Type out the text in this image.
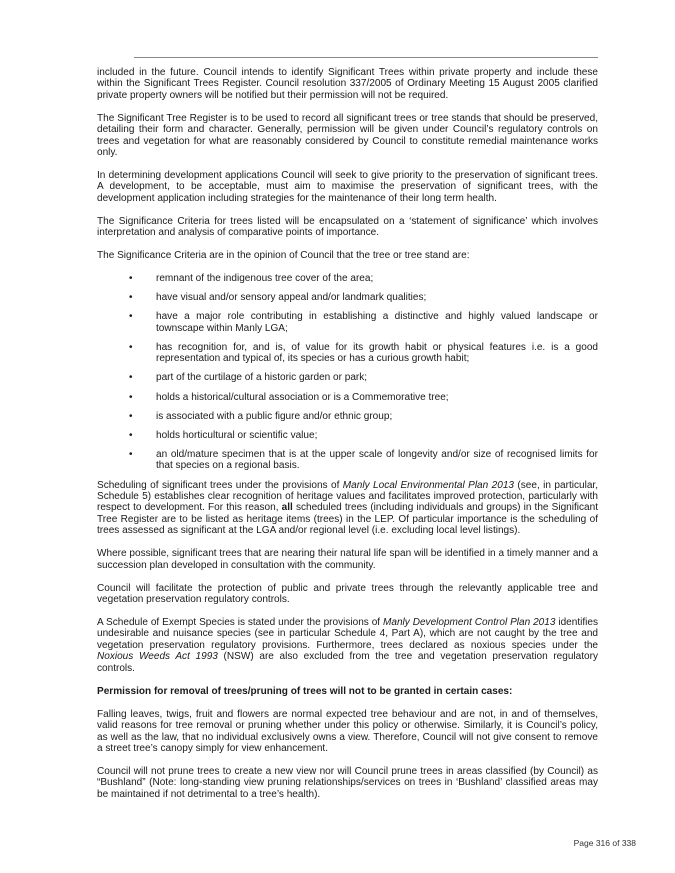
included in the future. Council intends to identify Significant Trees within private property and include these within the Significant Trees Register. Council resolution 337/2005 of Ordinary Meeting 15 August 2005 clarified private property owners will be notified but their permission will not be required.

The Significant Tree Register is to be used to record all significant trees or tree stands that should be preserved, detailing their form and character. Generally, permission will be given under Council’s regulatory controls on trees and vegetation for what are reasonably considered by Council to constitute remedial maintenance works only.

In determining development applications Council will seek to give priority to the preservation of significant trees. A development, to be acceptable, must aim to maximise the preservation of significant trees, with the development application including strategies for the maintenance of their long term health.

The Significance Criteria for trees listed will be encapsulated on a ‘statement of significance’ which involves interpretation and analysis of comparative points of importance.

The Significance Criteria are in the opinion of Council that the tree or tree stand are:

• remnant of the indigenous tree cover of the area;
• have visual and/or sensory appeal and/or landmark qualities;
• have a major role contributing in establishing a distinctive and highly valued landscape or townscape within Manly LGA;
• has recognition for, and is, of value for its growth habit or physical features i.e. is a good representation and typical of, its species or has a curious growth habit;
• part of the curtilage of a historic garden or park;
• holds a historical/cultural association or is a Commemorative tree;
• is associated with a public figure and/or ethnic group;
• holds horticultural or scientific value;
• an old/mature specimen that is at the upper scale of longevity and/or size of recognised limits for that species on a regional basis.

Scheduling of significant trees under the provisions of Manly Local Environmental Plan 2013 (see, in particular, Schedule 5) establishes clear recognition of heritage values and facilitates improved protection, particularly with respect to development. For this reason, all scheduled trees (including individuals and groups) in the Significant Tree Register are to be listed as heritage items (trees) in the LEP. Of particular importance is the scheduling of trees assessed as significant at the LGA and/or regional level (i.e. excluding local level listings).

Where possible, significant trees that are nearing their natural life span will be identified in a timely manner and a succession plan developed in consultation with the community.

Council will facilitate the protection of public and private trees through the relevantly applicable tree and vegetation preservation regulatory controls.

A Schedule of Exempt Species is stated under the provisions of Manly Development Control Plan 2013 identifies undesirable and nuisance species (see in particular Schedule 4, Part A), which are not caught by the tree and vegetation preservation regulatory provisions. Furthermore, trees declared as noxious species under the Noxious Weeds Act 1993 (NSW) are also excluded from the tree and vegetation preservation regulatory controls.

Permission for removal of trees/pruning of trees will not to be granted in certain cases:

Falling leaves, twigs, fruit and flowers are normal expected tree behaviour and are not, in and of themselves, valid reasons for tree removal or pruning whether under this policy or otherwise. Similarly, it is Council’s policy, as well as the law, that no individual exclusively owns a view. Therefore, Council will not give consent to remove a street tree’s canopy simply for view enhancement.

Council will not prune trees to create a new view nor will Council prune trees in areas classified (by Council) as “Bushland” (Note: long-standing view pruning relationships/services on trees in ‘Bushland’ classified areas may be maintained if not detrimental to a tree’s health).

Page 316 of 338
